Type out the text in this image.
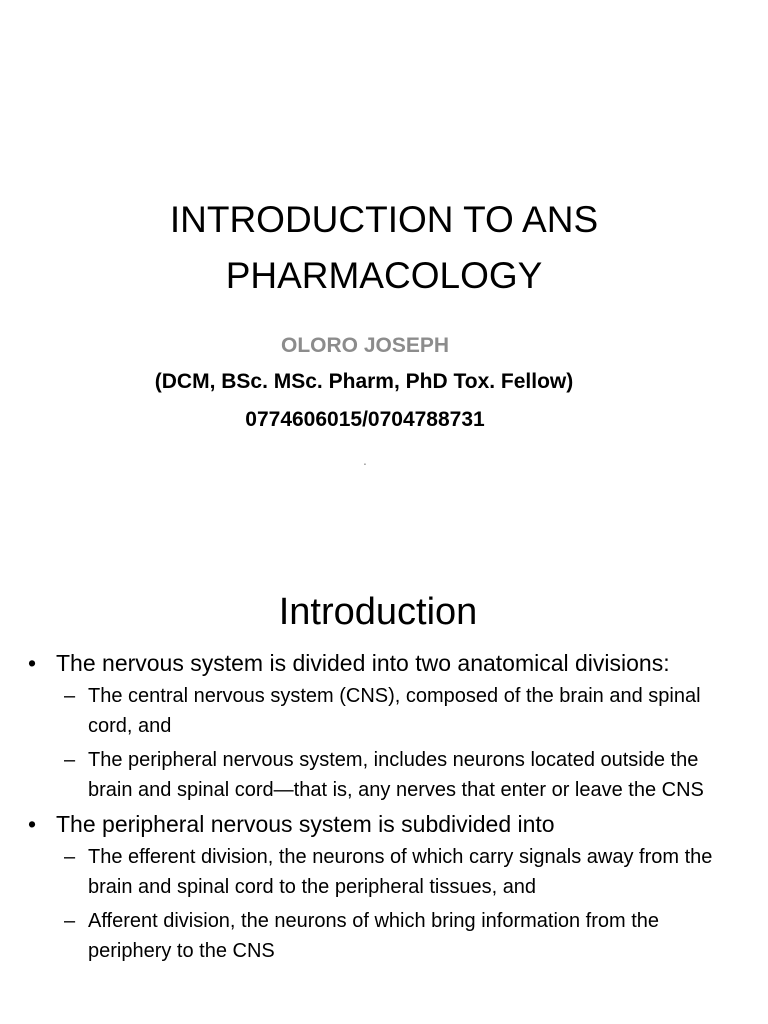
INTRODUCTION TO ANS
PHARMACOLOGY
OLORO JOSEPH
(DCM, BSc. MSc. Pharm, PhD Tox. Fellow)
0774606015/0704788731
.
Introduction
• The nervous system is divided into two anatomical divisions:
– The central nervous system (CNS), composed of the brain and spinal cord, and
– The peripheral nervous system, includes neurons located outside the brain and spinal cord—that is, any nerves that enter or leave the CNS
• The peripheral nervous system is subdivided into
– The efferent division, the neurons of which carry signals away from the brain and spinal cord to the peripheral tissues, and
– Afferent division, the neurons of which bring information from the periphery to the CNS
